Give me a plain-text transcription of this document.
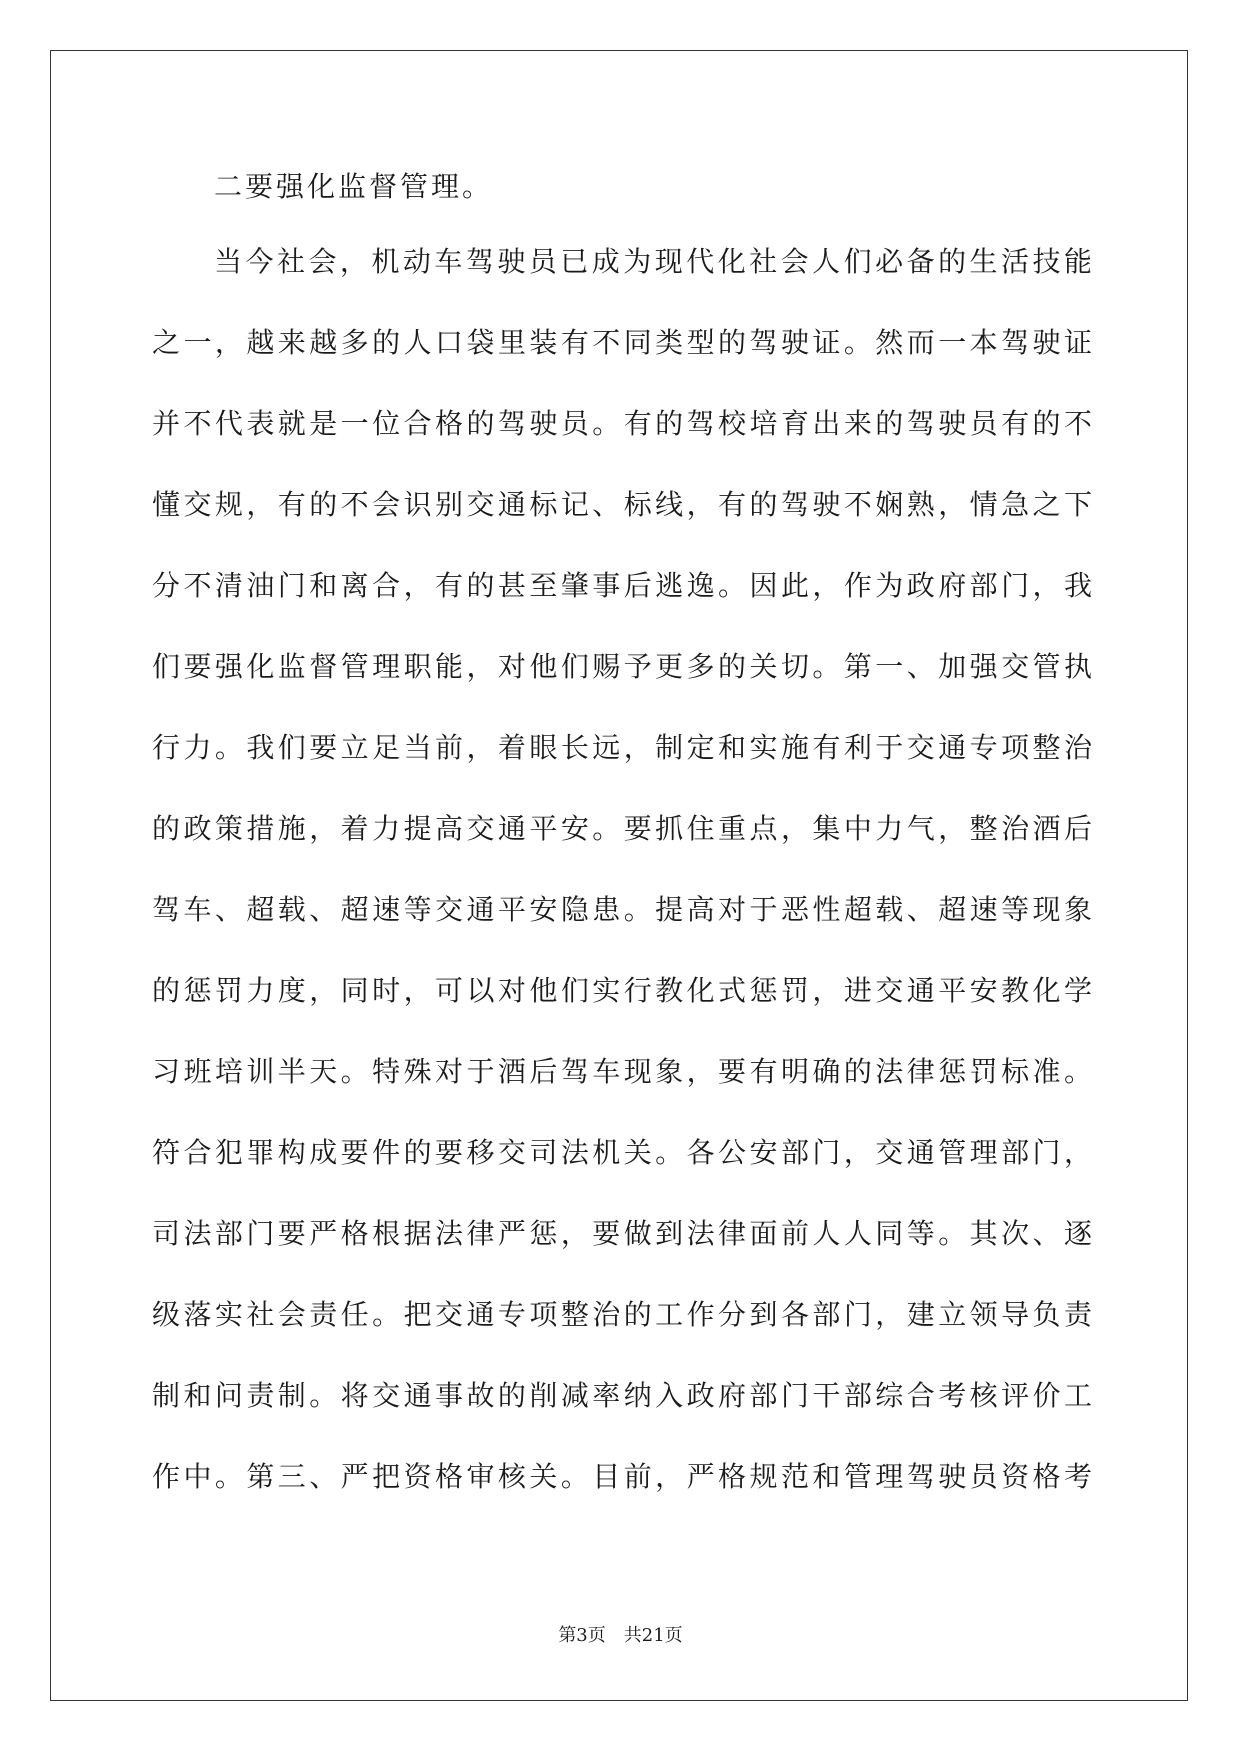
二要强化监督管理。

当今社会，机动车驾驶员已成为现代化社会人们必备的生活技能
之一，越来越多的人口袋里装有不同类型的驾驶证。然而一本驾驶证
并不代表就是一位合格的驾驶员。有的驾校培育出来的驾驶员有的不
懂交规，有的不会识别交通标记、标线，有的驾驶不娴熟，情急之下
分不清油门和离合，有的甚至肇事后逃逸。因此，作为政府部门，我
们要强化监督管理职能，对他们赐予更多的关切。第一、加强交管执
行力。我们要立足当前，着眼长远，制定和实施有利于交通专项整治
的政策措施，着力提高交通平安。要抓住重点，集中力气，整治酒后
驾车、超载、超速等交通平安隐患。提高对于恶性超载、超速等现象
的惩罚力度，同时，可以对他们实行教化式惩罚，进交通平安教化学
习班培训半天。特殊对于酒后驾车现象，要有明确的法律惩罚标准。
符合犯罪构成要件的要移交司法机关。各公安部门，交通管理部门，
司法部门要严格根据法律严惩，要做到法律面前人人同等。其次、逐
级落实社会责任。把交通专项整治的工作分到各部门，建立领导负责
制和问责制。将交通事故的削减率纳入政府部门干部综合考核评价工
作中。第三、严把资格审核关。目前，严格规范和管理驾驶员资格考
第3页　共21页
